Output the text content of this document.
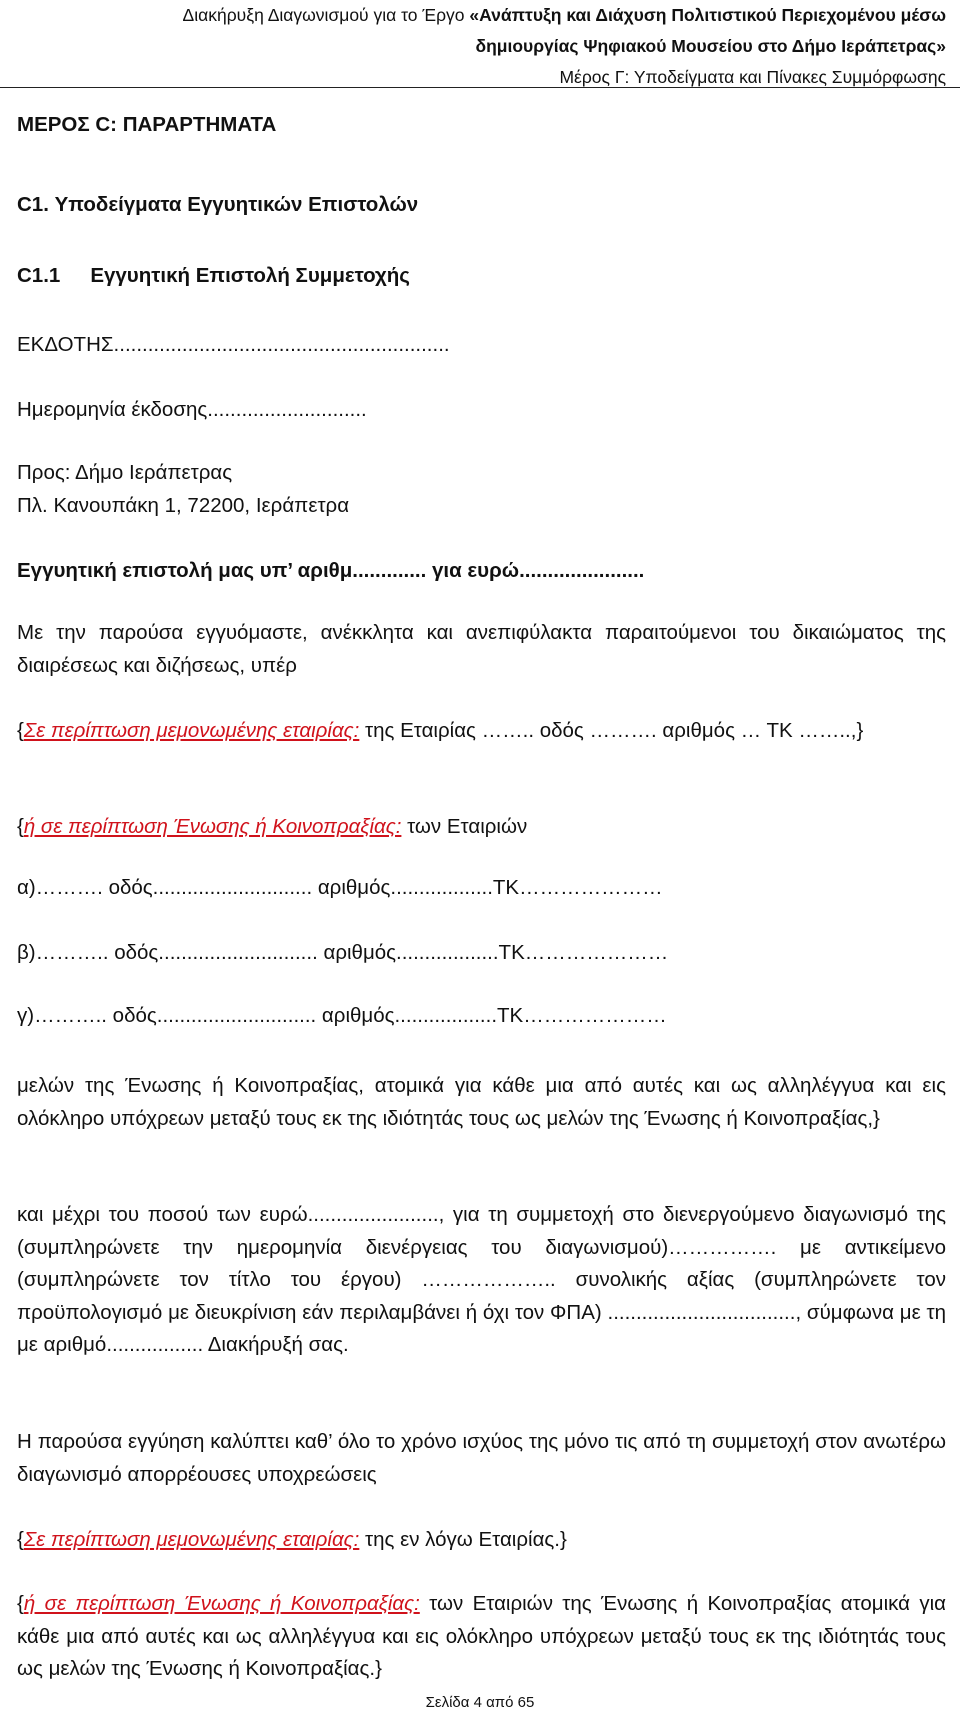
Διακήρυξη Διαγωνισμού για το Έργο «Ανάπτυξη και Διάχυση Πολιτιστικού Περιεχομένου μέσω
δημιουργίας Ψηφιακού Μουσείου στο Δήμο Ιεράπετρας»
Μέρος Γ: Υποδείγματα και Πίνακες Συμμόρφωσης
ΜΕΡΟΣ C: ΠΑΡΑΡΤΗΜΑΤΑ
C1. Υποδείγματα Εγγυητικών Επιστολών
C1.1 Εγγυητική Επιστολή Συμμετοχής
ΕΚΔΟΤΗΣ...........................................................
Ημερομηνία έκδοσης............................
Προς: Δήμο Ιεράπετρας
Πλ. Κανουπάκη 1, 72200, Ιεράπετρα
Εγγυητική επιστολή μας υπ’ αριθμ............. για ευρώ......................
Με την παρούσα εγγυόμαστε, ανέκκλητα και ανεπιφύλακτα παραιτούμενοι του δικαιώματος της διαιρέσεως και διζήσεως, υπέρ
{Σε περίπτωση μεμονωμένης εταιρίας: της Εταιρίας …….. οδός ………. αριθμός … ΤΚ ……..,}
{ή σε περίπτωση Ένωσης ή Κοινοπραξίας: των Εταιριών
α)………. οδός............................ αριθμός..................ΤΚ…………………
β)……….. οδός............................ αριθμός..................ΤΚ…………………
γ)……….. οδός............................ αριθμός..................ΤΚ…………………
μελών της Ένωσης ή Κοινοπραξίας, ατομικά για κάθε μια από αυτές και ως αλληλέγγυα και εις ολόκληρο υπόχρεων μεταξύ τους εκ της ιδιότητάς τους ως μελών της Ένωσης ή Κοινοπραξίας,}
και μέχρι του ποσού των ευρώ......................., για τη συμμετοχή στο διενεργούμενο διαγωνισμό της (συμπληρώνετε την ημερομηνία διενέργειας του διαγωνισμού)……………. με αντικείμενο (συμπληρώνετε τον τίτλο του έργου) ……………….. συνολικής αξίας (συμπληρώνετε τον προϋπολογισμό με διευκρίνιση εάν περιλαμβάνει ή όχι τον ΦΠΑ) ................................., σύμφωνα με τη με αριθμό................. Διακήρυξή σας.
Η παρούσα εγγύηση καλύπτει καθ’ όλο το χρόνο ισχύος της μόνο τις από τη συμμετοχή στον ανωτέρω διαγωνισμό απορρέουσες υποχρεώσεις
{Σε περίπτωση μεμονωμένης εταιρίας: της εν λόγω Εταιρίας.}
{ή σε περίπτωση Ένωσης ή Κοινοπραξίας: των Εταιριών της Ένωσης ή Κοινοπραξίας ατομικά για κάθε μια από αυτές και ως αλληλέγγυα και εις ολόκληρο υπόχρεων μεταξύ τους εκ της ιδιότητάς τους ως μελών της Ένωσης ή Κοινοπραξίας.}
Σελίδα 4 από 65
